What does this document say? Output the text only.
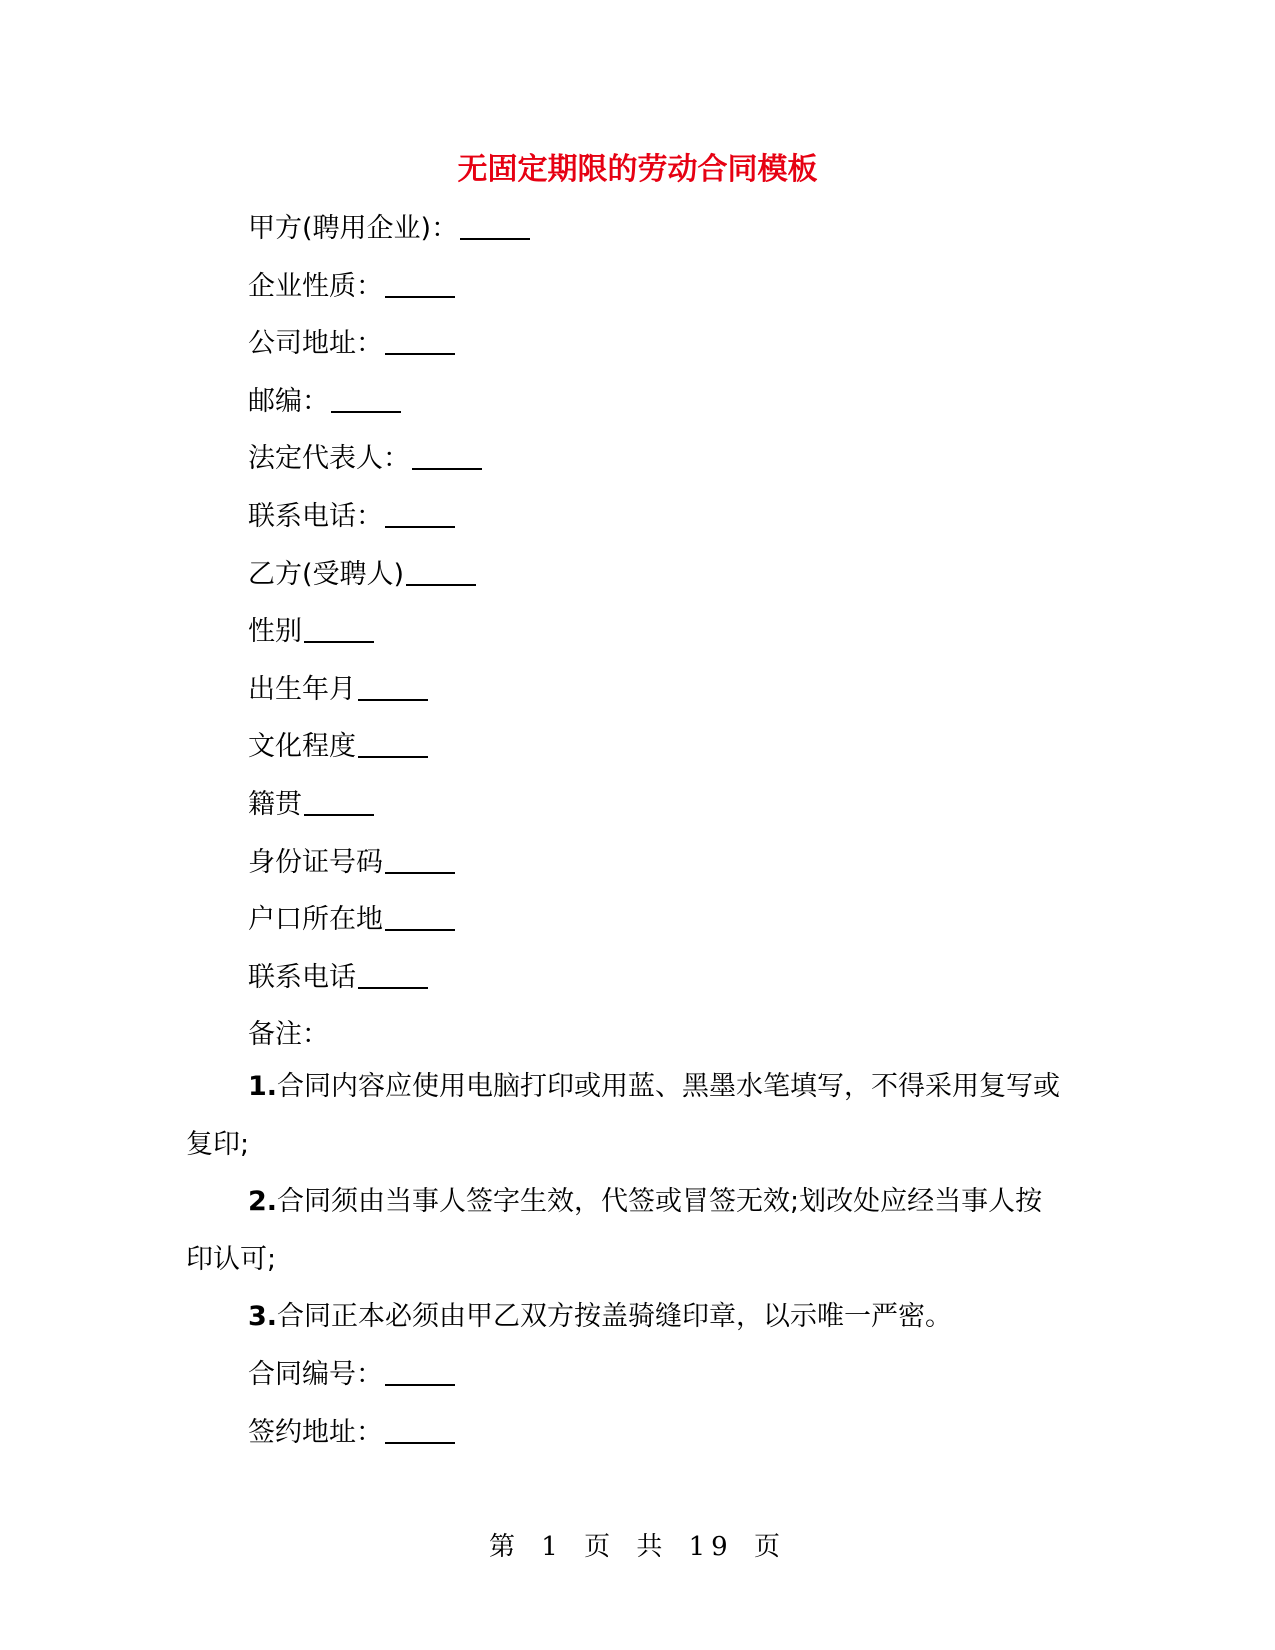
无固定期限的劳动合同模板
甲方(聘用企业)：
企业性质：
公司地址：
邮编：
法定代表人：
联系电话：
乙方(受聘人)
性别
出生年月
文化程度
籍贯
身份证号码
户口所在地
联系电话
备注：

1.合同内容应使用电脑打印或用蓝、黑墨水笔填写，不得采用复写或复印;

2.合同须由当事人签字生效，代签或冒签无效;划改处应经当事人按印认可;

3.合同正本必须由甲乙双方按盖骑缝印章，以示唯一严密。

合同编号：
签约地址：
第 1 页 共 19 页
